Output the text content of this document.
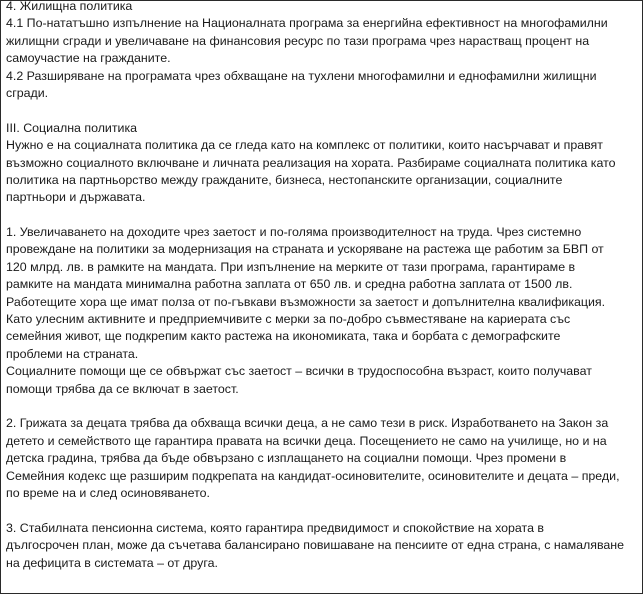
4. Жилищна политика
4.1 По-нататъшно изпълнение на Националната програма за енергийна ефективност на многофамилни
жилищни сгради и увеличаване на финансовия ресурс по тази програма чрез нарастващ процент на
самоучастие на гражданите.
4.2 Разширяване на програмата чрез обхващане на тухлени многофамилни и еднофамилни жилищни
сгради.
III. Социална политика
Нужно е на социалната политика да се гледа като на комплекс от политики, които насърчават и правят
възможно социалното включване и личната реализация на хората. Разбираме социалната политика като
политика на партньорство между гражданите, бизнеса, нестопанските организации, социалните
партньори и държавата.
1. Увеличаването на доходите чрез заетост и по-голяма производителност на труда. Чрез системно
провеждане на политики за модернизация на страната и ускоряване на растежа ще работим за БВП от
120 млрд. лв. в рамките на мандата. При изпълнение на мерките от тази програма, гарантираме в
рамките на мандата минимална работна заплата от 650 лв. и средна работна заплата от 1500 лв.
Работещите хора ще имат полза от по-гъвкави възможности за заетост и допълнителна квалификация.
Като улесним активните и предприемчивите с мерки за по-добро съвместяване на кариерата със
семейния живот, ще подкрепим както растежа на икономиката, така и борбата с демографските
проблеми на страната.
Социалните помощи ще се обвържат със заетост – всички в трудоспособна възраст, които получават
помощи трябва да се включат в заетост.
2. Грижата за децата трябва да обхваща всички деца, а не само тези в риск. Изработването на Закон за
детето и семейството ще гарантира правата на всички деца. Посещението не само на училище, но и на
детска градина, трябва да бъде обвързано с изплащането на социални помощи. Чрез промени в
Семейния кодекс ще разширим подкрепата на кандидат-осиновителите, осиновителите и децата – преди,
по време на и след осиновяването.
3. Стабилната пенсионна система, която гарантира предвидимост и спокойствие на хората в
дългосрочен план, може да съчетава балансирано повишаване на пенсиите от една страна, с намаляване
на дефицита в системата – от друга.
